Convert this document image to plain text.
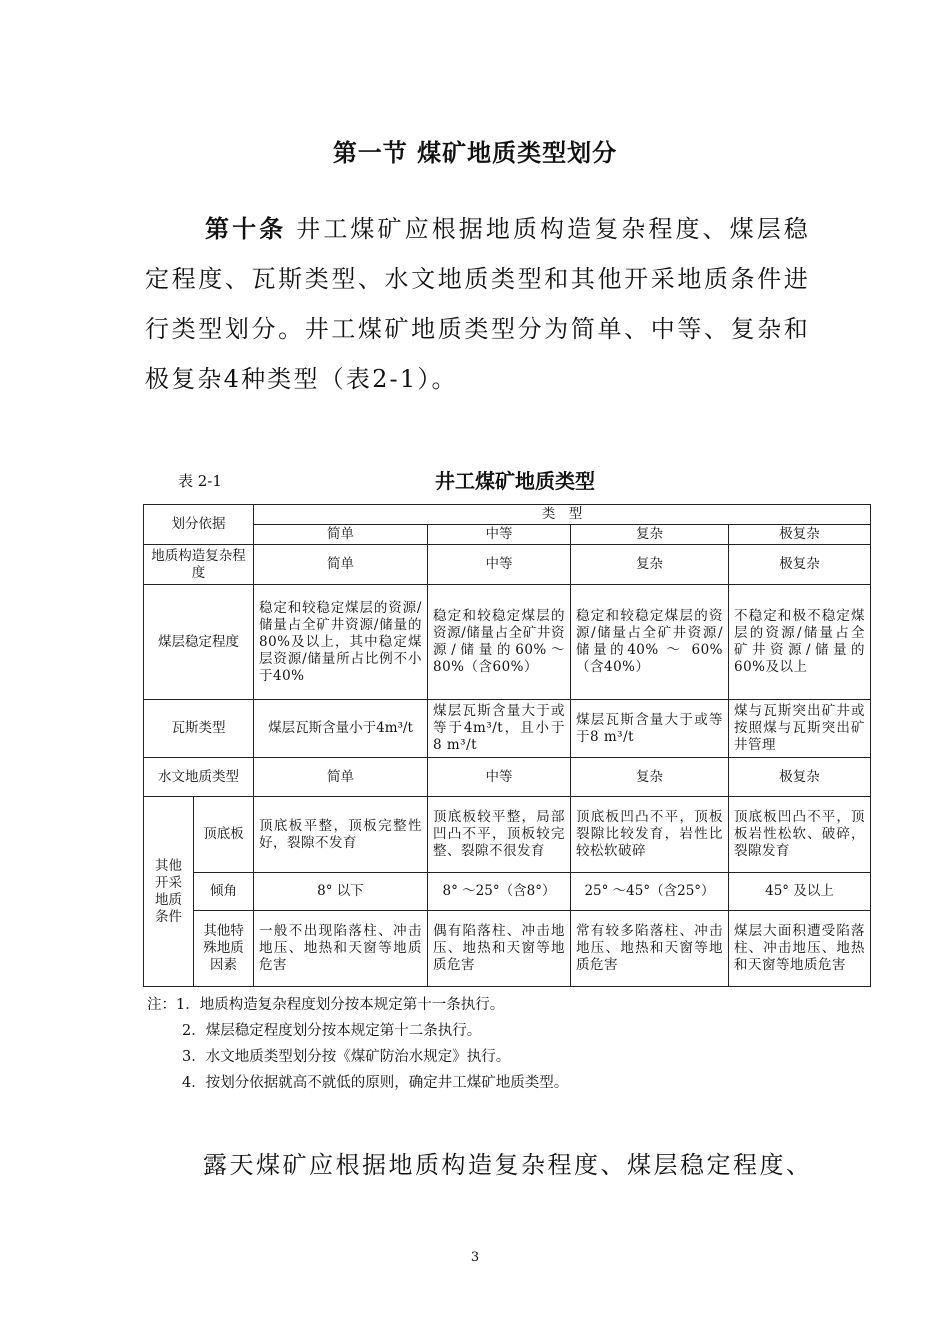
第一节 煤矿地质类型划分
第十条 井工煤矿应根据地质构造复杂程度、煤层稳定程度、瓦斯类型、水文地质类型和其他开采地质条件进行类型划分。井工煤矿地质类型分为简单、中等、复杂和极复杂4种类型（表2-1）。
表 2-1	井工煤矿地质类型
划分依据		类　型			
		简单	中等	复杂	极复杂
地质构造复杂程度		简单	中等	复杂	极复杂
煤层稳定程度		稳定和较稳定煤层的资源/储量占全矿井资源/储量的80%及以上，其中稳定煤层资源/储量所占比例不小于40%	稳定和较稳定煤层的资源/储量占全矿井资源/储量的60%～80%（含60%）	稳定和较稳定煤层的资源/储量占全矿井资源/储量的40% ～ 60% （含40%）	不稳定和极不稳定煤层的资源/储量占全矿井资源/储量的60%及以上
瓦斯类型		煤层瓦斯含量小于4m³/t	煤层瓦斯含量大于或等于4m³/t，且小于8 m³/t	煤层瓦斯含量大于或等于8 m³/t	煤与瓦斯突出矿井或按照煤与瓦斯突出矿井管理
水文地质类型		简单	中等	复杂	极复杂
其他开采地质条件	顶底板	顶底板平整，顶板完整性好，裂隙不发育	顶底板较平整，局部凹凸不平，顶板较完整、裂隙不很发育	顶底板凹凸不平，顶板裂隙比较发育，岩性比较松软破碎	顶底板凹凸不平，顶板岩性松软、破碎，裂隙发育
	倾角	8° 以下	8° ～25°（含8°）	25° ～45°（含25°）	45° 及以上
	其他特殊地质因素	一般不出现陷落柱、冲击地压、地热和天窗等地质危害	偶有陷落柱、冲击地压、地热和天窗等地质危害	常有较多陷落柱、冲击地压、地热和天窗等地质危害	煤层大面积遭受陷落柱、冲击地压、地热和天窗等地质危害
注：1．地质构造复杂程度划分按本规定第十一条执行。
2．煤层稳定程度划分按本规定第十二条执行。
3．水文地质类型划分按《煤矿防治水规定》执行。
4．按划分依据就高不就低的原则，确定井工煤矿地质类型。
露天煤矿应根据地质构造复杂程度、煤层稳定程度、
3
